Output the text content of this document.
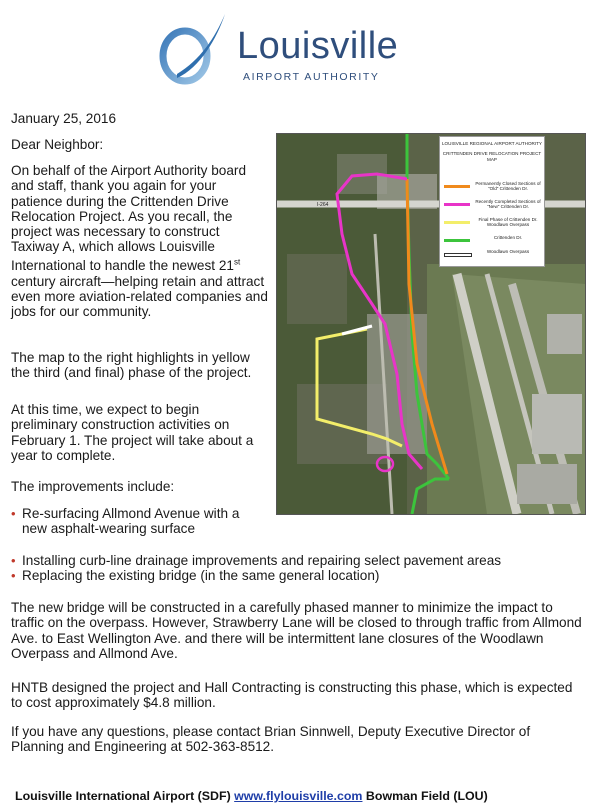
Louisville
AIRPORT AUTHORITY

January 25, 2016

Dear Neighbor:

On behalf of the Airport Authority board and staff, thank you again for your patience during the Crittenden Drive Relocation Project. As you recall, the project was necessary to construct Taxiway A, which allows Louisville International to handle the newest 21st century aircraft—helping retain and attract even more aviation-related companies and jobs for our community.

The map to the right highlights in yellow the third (and final) phase of the project.

At this time, we expect to begin preliminary construction activities on February 1. The project will take about a year to complete.

The improvements include:

• Re-surfacing Allmond Avenue with a new asphalt-wearing surface
• Installing curb-line drainage improvements and repairing select pavement areas
• Replacing the existing bridge (in the same general location)
I-264
LOUISVILLE REGIONAL AIRPORT AUTHORITY
CRITTENDEN DRIVE RELOCATION PROJECT MAP
Permanently Closed Sections of "Old" Crittenden Dr.
Recently Completed Sections of "New" Crittenden Dr.
Final Phase of Crittenden Dr. Woodlawn Overpass
Crittenden Dr.
Woodlawn Overpass

The new bridge will be constructed in a carefully phased manner to minimize the impact to traffic on the overpass. However, Strawberry Lane will be closed to through traffic from Allmond Ave. to East Wellington Ave. and there will be intermittent lane closures of the Woodlawn Overpass and Allmond Ave.

HNTB designed the project and Hall Contracting is constructing this phase, which is expected to cost approximately $4.8 million.

If you have any questions, please contact Brian Sinnwell, Deputy Executive Director of Planning and Engineering at 502-363-8512.

Louisville International Airport (SDF) www.flylouisville.com Bowman Field (LOU)
